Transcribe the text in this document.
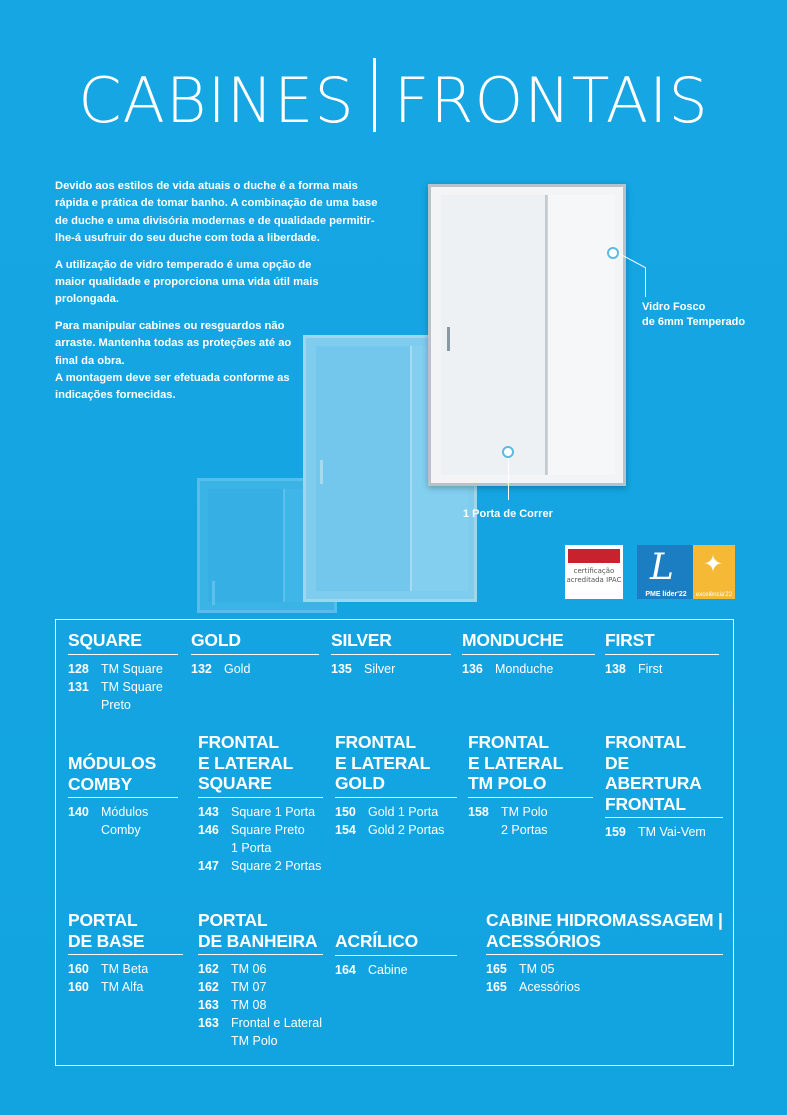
CABINES FRONTAIS

Devido aos estilos de vida atuais o duche é a forma mais rápida e prática de tomar banho. A combinação de uma base de duche e uma divisória modernas e de qualidade permitir-lhe-á usufruir do seu duche com toda a liberdade.

A utilização de vidro temperado é uma opção de maior qualidade e proporciona uma vida útil mais prolongada.

Para manipular cabines ou resguardos não arraste. Mantenha todas as proteções até ao final da obra.
A montagem deve ser efetuada conforme as indicações fornecidas.

Vidro Fosco
de 6mm Temperado
1 Porta de Correr
certificação acreditada IPAC L
PME líder'22
✦
excelência'22
SQUARE
128 TM Square
131 TM Square
Preto
GOLD
132 Gold
SILVER
135 Silver
MONDUCHE
136 Monduche
FIRST
138 First
MÓDULOS
COMBY
140 Módulos
Comby
FRONTAL
E LATERAL
SQUARE
143 Square 1 Porta
146 Square Preto
1 Porta
147 Square 2 Portas
FRONTAL
E LATERAL
GOLD
150 Gold 1 Porta
154 Gold 2 Portas
FRONTAL
E LATERAL
TM POLO
158 TM Polo
2 Portas
FRONTAL
DE ABERTURA
FRONTAL
159 TM Vai-Vem
PORTAL
DE BASE
160 TM Beta
160 TM Alfa
PORTAL
DE BANHEIRA
162 TM 06
162 TM 07
163 TM 08
163 Frontal e Lateral
TM Polo
ACRÍLICO
164 Cabine
CABINE HIDROMASSAGEM |
ACESSÓRIOS
165 TM 05
165 Acessórios
